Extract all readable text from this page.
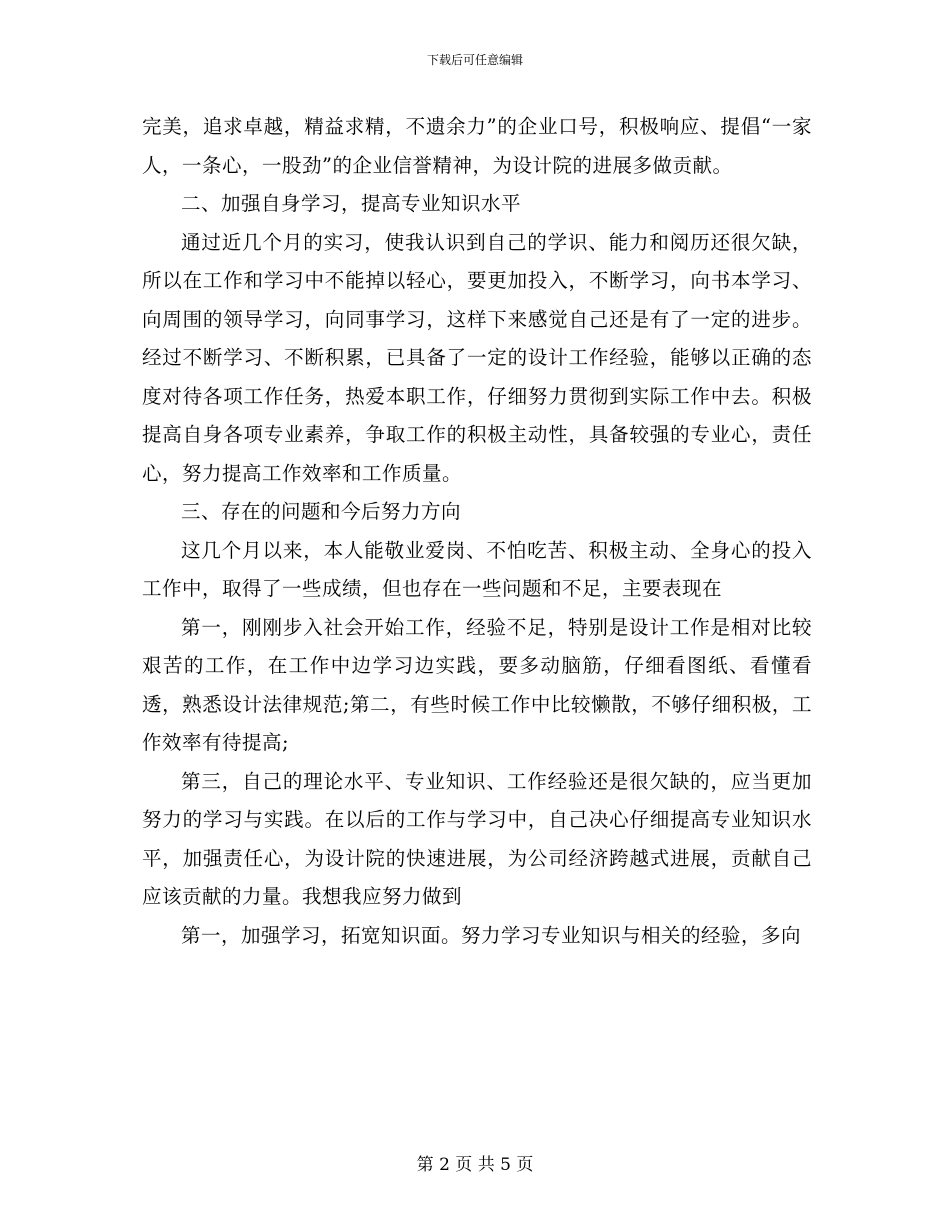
下载后可任意编辑

完美，追求卓越，精益求精，不遗余力”的企业口号，积极响应、提倡“一家人，一条心，一股劲”的企业信誉精神，为设计院的进展多做贡献。

二、加强自身学习，提高专业知识水平

通过近几个月的实习，使我认识到自己的学识、能力和阅历还很欠缺，所以在工作和学习中不能掉以轻心，要更加投入，不断学习，向书本学习、向周围的领导学习，向同事学习，这样下来感觉自己还是有了一定的进步。经过不断学习、不断积累，已具备了一定的设计工作经验，能够以正确的态度对待各项工作任务，热爱本职工作，仔细努力贯彻到实际工作中去。积极提高自身各项专业素养，争取工作的积极主动性，具备较强的专业心，责任心，努力提高工作效率和工作质量。

三、存在的问题和今后努力方向

这几个月以来，本人能敬业爱岗、不怕吃苦、积极主动、全身心的投入工作中，取得了一些成绩，但也存在一些问题和不足，主要表现在

第一，刚刚步入社会开始工作，经验不足，特别是设计工作是相对比较艰苦的工作，在工作中边学习边实践，要多动脑筋，仔细看图纸、看懂看透，熟悉设计法律规范;第二，有些时候工作中比较懒散，不够仔细积极，工作效率有待提高;

第三，自己的理论水平、专业知识、工作经验还是很欠缺的，应当更加努力的学习与实践。在以后的工作与学习中，自己决心仔细提高专业知识水平，加强责任心，为设计院的快速进展，为公司经济跨越式进展，贡献自己应该贡献的力量。我想我应努力做到

第一，加强学习，拓宽知识面。努力学习专业知识与相关的经验，多向

第 2 页 共 5 页
